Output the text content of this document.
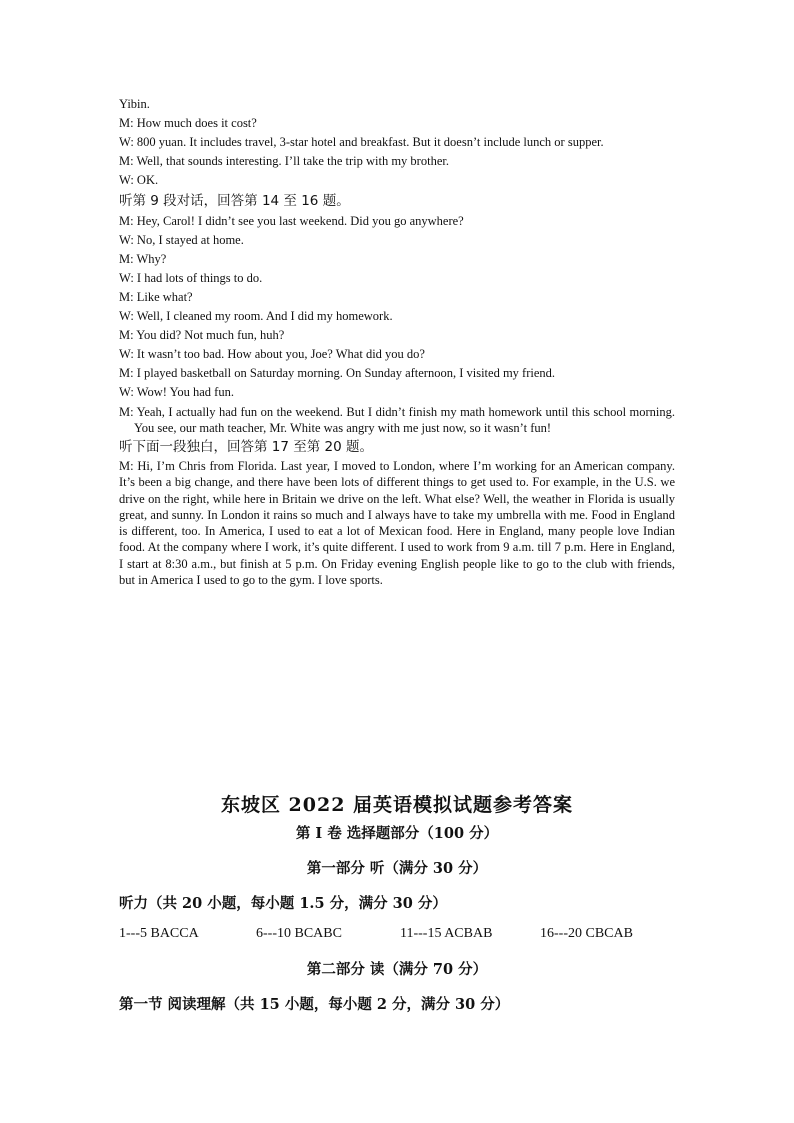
Yibin.

M: How much does it cost?

W: 800 yuan. It includes travel, 3-star hotel and breakfast. But it doesn’t include lunch or supper.

M: Well, that sounds interesting. I’ll take the trip with my brother.

W: OK.

听第 9 段对话，回答第 14 至 16 题。

M: Hey, Carol! I didn’t see you last weekend. Did you go anywhere?

W: No, I stayed at home.

M: Why?

W: I had lots of things to do.

M: Like what?

W: Well, I cleaned my room. And I did my homework.

M: You did? Not much fun, huh?

W: It wasn’t too bad. How about you, Joe? What did you do?

M: I played basketball on Saturday morning. On Sunday afternoon, I visited my friend.

W: Wow! You had fun.

M: Yeah, I actually had fun on the weekend. But I didn’t finish my math homework until this school morning. You see, our math teacher, Mr. White was angry with me just now, so it wasn’t fun!

听下面一段独白，回答第 17 至第 20 题。

M: Hi, I’m Chris from Florida. Last year, I moved to London, where I’m working for an American company. It’s been a big change, and there have been lots of different things to get used to. For example, in the U.S. we drive on the right, while here in Britain we drive on the left. What else? Well, the weather in Florida is usually great, and sunny. In London it rains so much and I always have to take my umbrella with me. Food in England is different, too. In America, I used to eat a lot of Mexican food. Here in England, many people love Indian food. At the company where I work, it’s quite different. I used to work from 9 a.m. till 7 p.m. Here in England, I start at 8:30 a.m., but finish at 5 p.m. On Friday evening English people like to go to the club with friends, but in America I used to go to the gym. I love sports.

东坡区 2022 届英语模拟试题参考答案
第 I 卷 选择题部分（100 分）
第一部分 听（满分 30 分）
听力（共 20 小题，每小题 1.5 分，满分 30 分）
1---5 BACCA	6---10 BCABC	11---15 ACBAB	16---20 CBCAB
第二部分 读（满分 70 分）
第一节 阅读理解（共 15 小题，每小题 2 分，满分 30 分）
